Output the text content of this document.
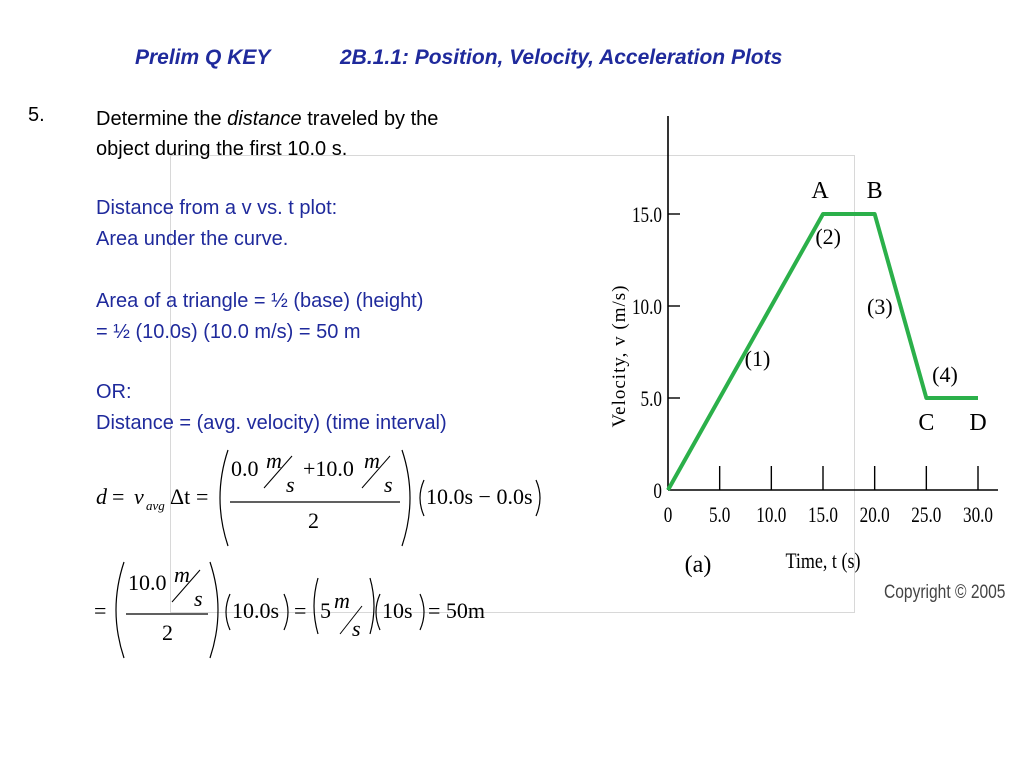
Prelim Q KEY	2B.1.1: Position, Velocity, Acceleration Plots
5.	Determine the distance traveled by the
object during the first 10.0 s.
Distance from a v vs. t plot:
Area under the curve.
Area of a triangle = ½ (base) (height)
= ½ (10.0s) (10.0 m/s) = 50 m
OR:
Distance = (avg. velocity) (time interval)
d = v avg Δt =
0.0 m
s
+10.0 m
s
2
10.0s − 0.0s
=
10.0 m
s
2
10.0s = 5 m
s
10s = 50m
0 5.0 10.0 15.0 20.0 25.0 30.0
0
5.0
10.0
15.0
A B
C D
(1)
(2)
(3)
(4)
Velocity, v (m/s)
Time, t (s)
(a)
Copyright © 2005
